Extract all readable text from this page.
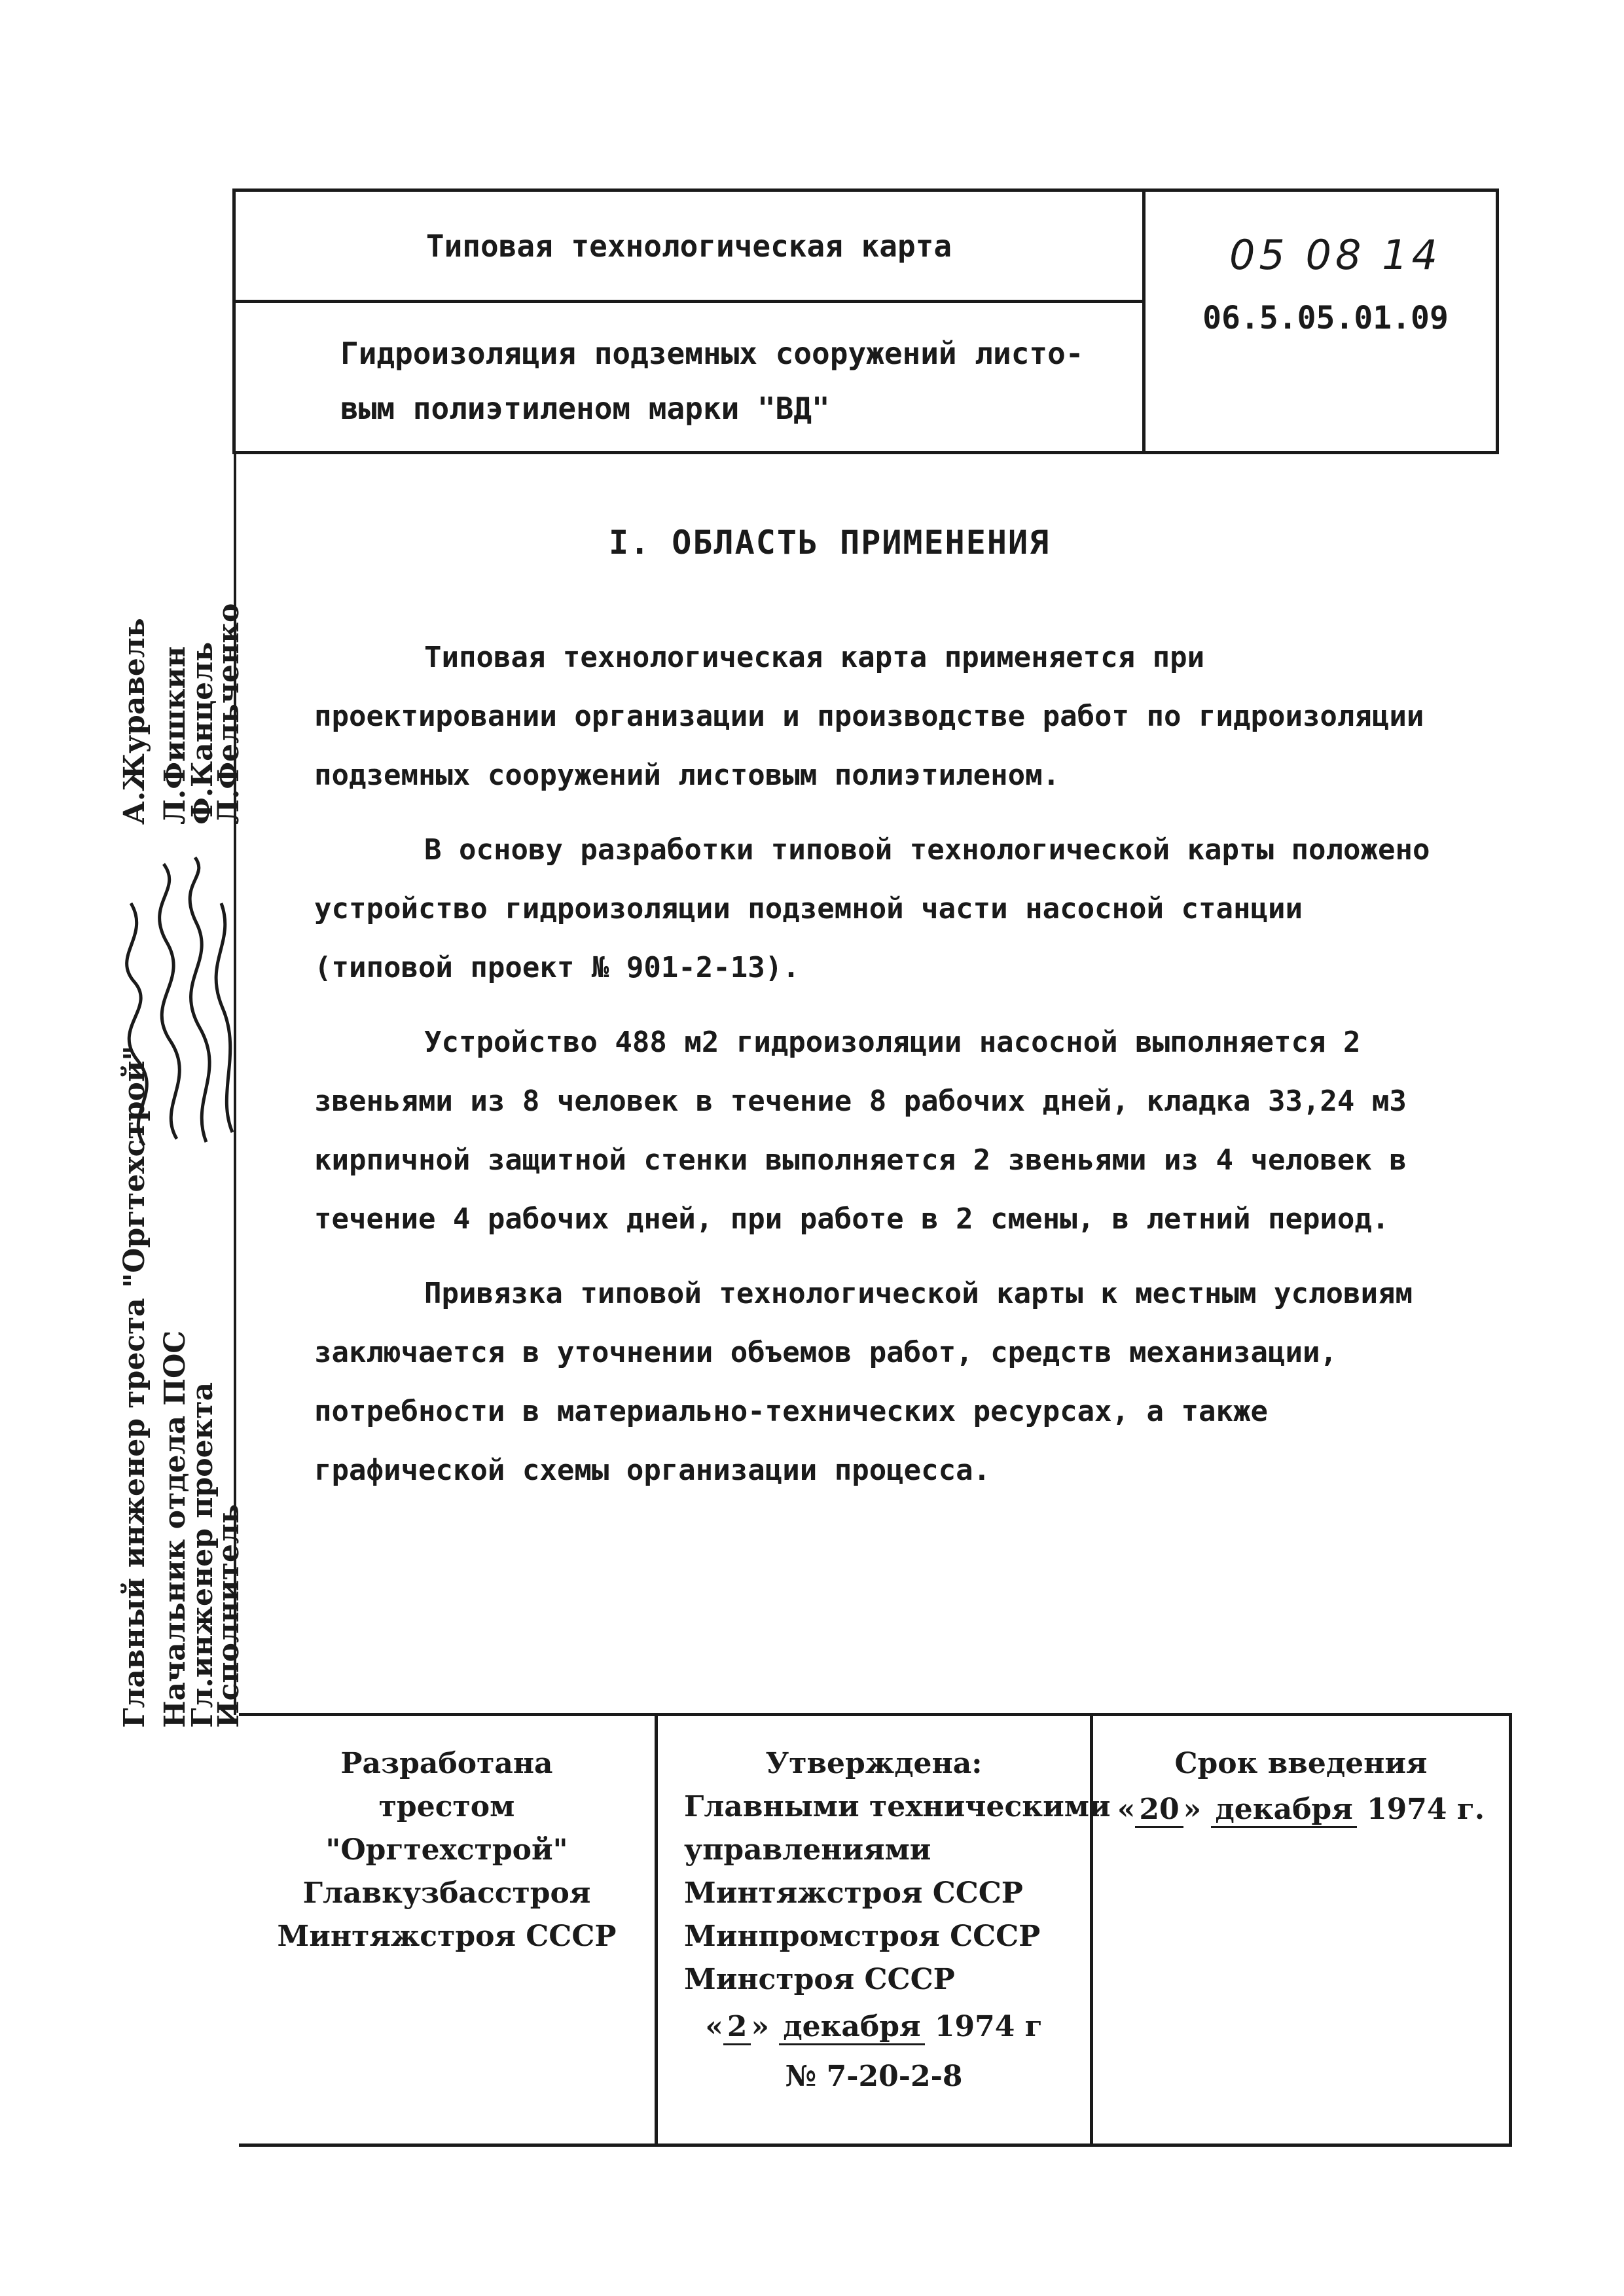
Типовая технологическая карта
Гидроизоляция подземных сооружений листо-
вым полиэтиленом марки "ВД"
05 08 14
06.5.05.01.09
I. ОБЛАСТЬ ПРИМЕНЕНИЯ

Типовая технологическая карта применяется при проектировании организации и производстве работ по гидроизоляции подземных сооружений листовым полиэтиленом.

В основу разработки типовой технологической карты положено устройство гидроизоляции подземной части насосной станции (типовой проект № 901-2-13).

Устройство 488 м2 гидроизоляции насосной выполняется 2 звеньями из 8 человек в течение 8 рабочих дней, кладка 33,24 м3 кирпичной защитной стенки выполняется 2 звеньями из 4 человек в течение 4 рабочих дней, при работе в 2 смены, в летний период.

Привязка типовой технологической карты к местным условиям заключается в уточнении объемов работ, средств механизации, потребности в материально-технических ресурсах, а также графической схемы организации процесса.

Главный инженер треста "Оргтехстрой"
А.Журавель
Начальник отдела ПОС
Л.Фишкин
Гл.инженер проекта
Ф.Канцель
Исполнитель
Л.Фельченко
Разработана
трестом
"Оргтехстрой"
Главкузбасстроя
Минтяжстроя СССР
Утверждена:
Главными техническими
управлениями
Минтяжстроя СССР
Минпромстроя СССР
Минстроя СССР
« 2 » декабря 1974 г
№ 7-20-2-8
Срок введения
« 20 » декабря 1974 г.
